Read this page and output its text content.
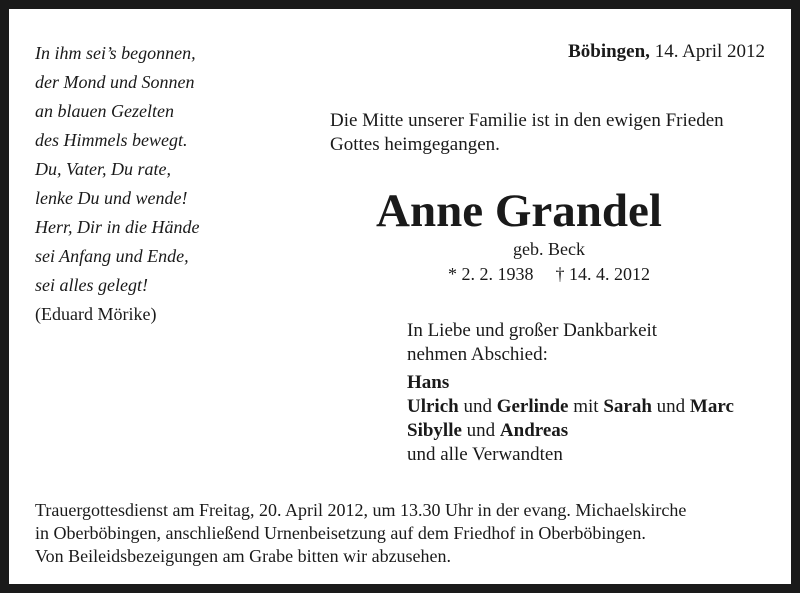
In ihm sei’s begonnen,
der Mond und Sonnen
an blauen Gezelten
des Himmels bewegt.
Du, Vater, Du rate,
lenke Du und wende!
Herr, Dir in die Hände
sei Anfang und Ende,
sei alles gelegt!
(Eduard Mörike)
Böbingen, 14. April 2012
Die Mitte unserer Familie ist in den ewigen Frieden
Gottes heimgegangen.
Anne Grandel
geb. Beck
* 2. 2. 1938 † 14. 4. 2012
In Liebe und großer Dankbarkeit
nehmen Abschied:
Hans
Ulrich und Gerlinde mit Sarah und Marc
Sibylle und Andreas
und alle Verwandten
Trauergottesdienst am Freitag, 20. April 2012, um 13.30 Uhr in der evang. Michaelskirche
in Oberböbingen, anschließend Urnenbeisetzung auf dem Friedhof in Oberböbingen.
Von Beileidsbezeigungen am Grabe bitten wir abzusehen.
